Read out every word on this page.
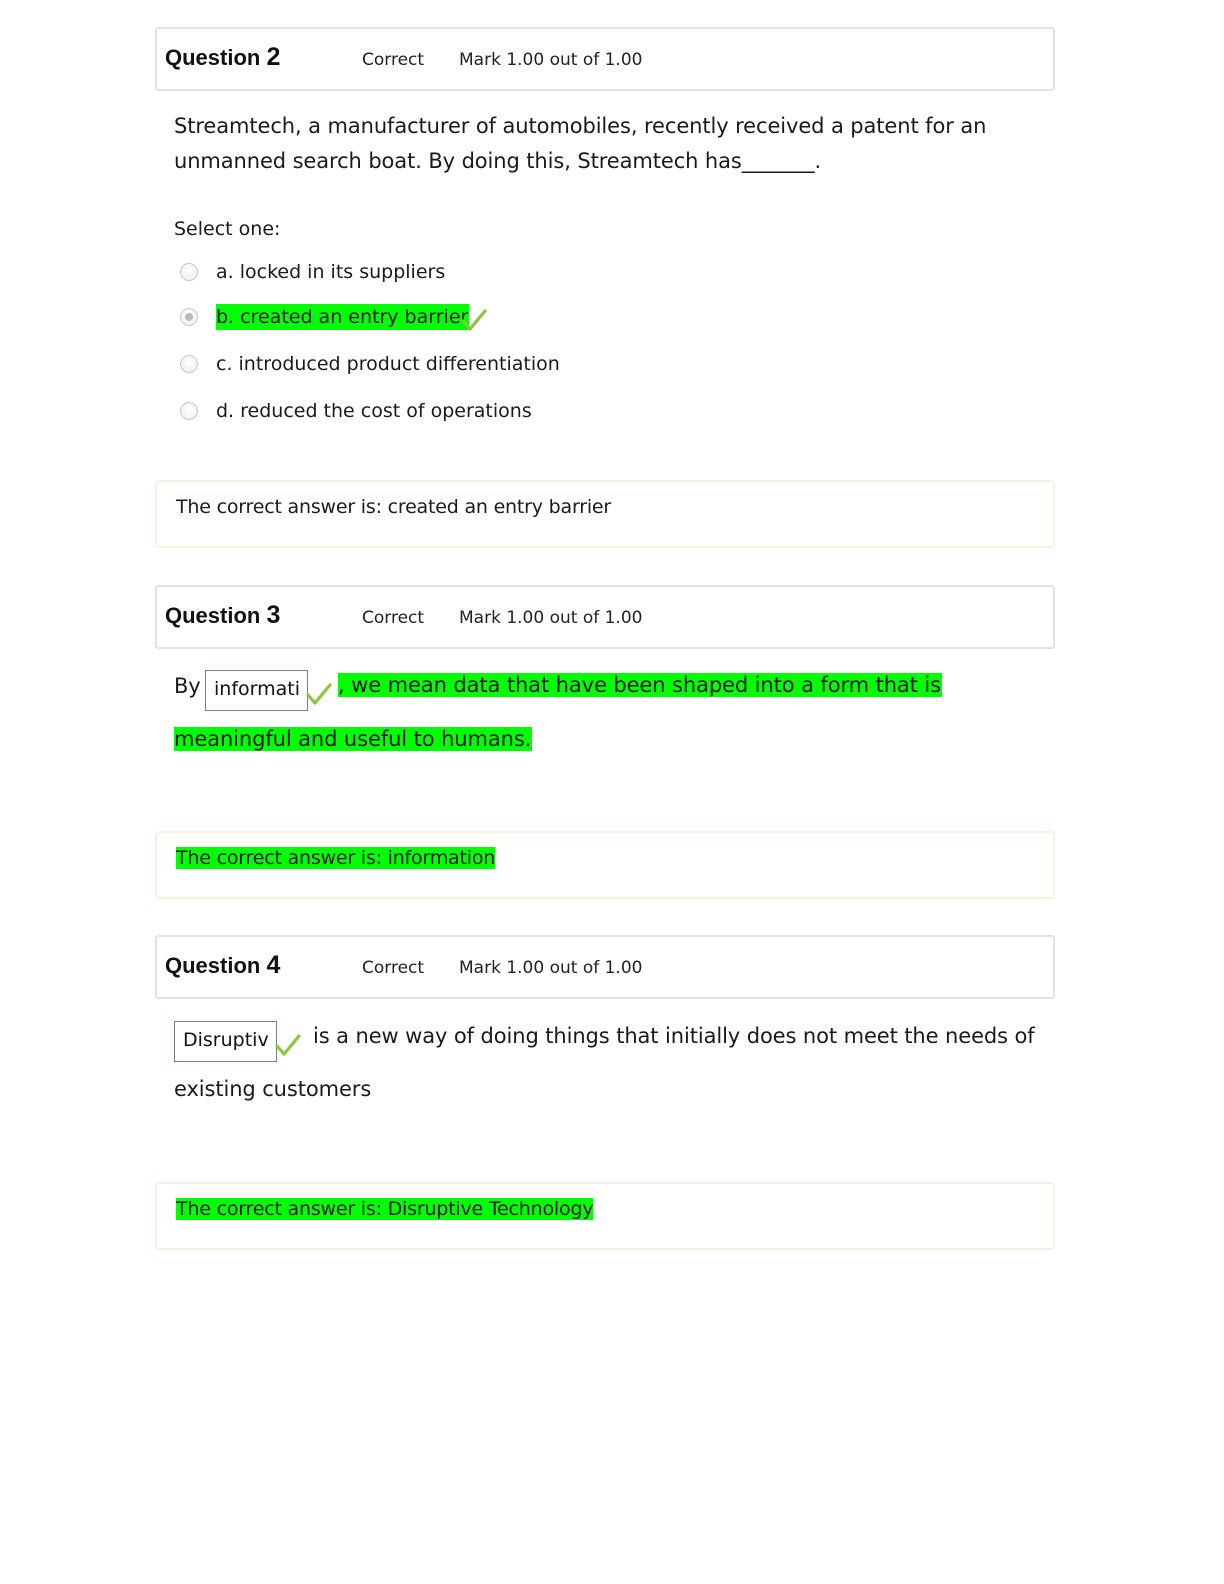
Question 2	Correct Mark 1.00 out of 1.00
Streamtech, a manufacturer of automobiles, recently received a patent for an
unmanned search boat. By doing this, Streamtech has_______.
Select one:
a. locked in its suppliers
b. created an entry barrier
c. introduced product differentiation
d. reduced the cost of operations
The correct answer is: created an entry barrier
Question 3	Correct Mark 1.00 out of 1.00
By informati	, we mean data that have been shaped into a form that is
meaningful and useful to humans.
The correct answer is: information
Question 4	Correct Mark 1.00 out of 1.00
Disruptiv	is a new way of doing things that initially does not meet the needs of
existing customers
The correct answer is: Disruptive Technology
